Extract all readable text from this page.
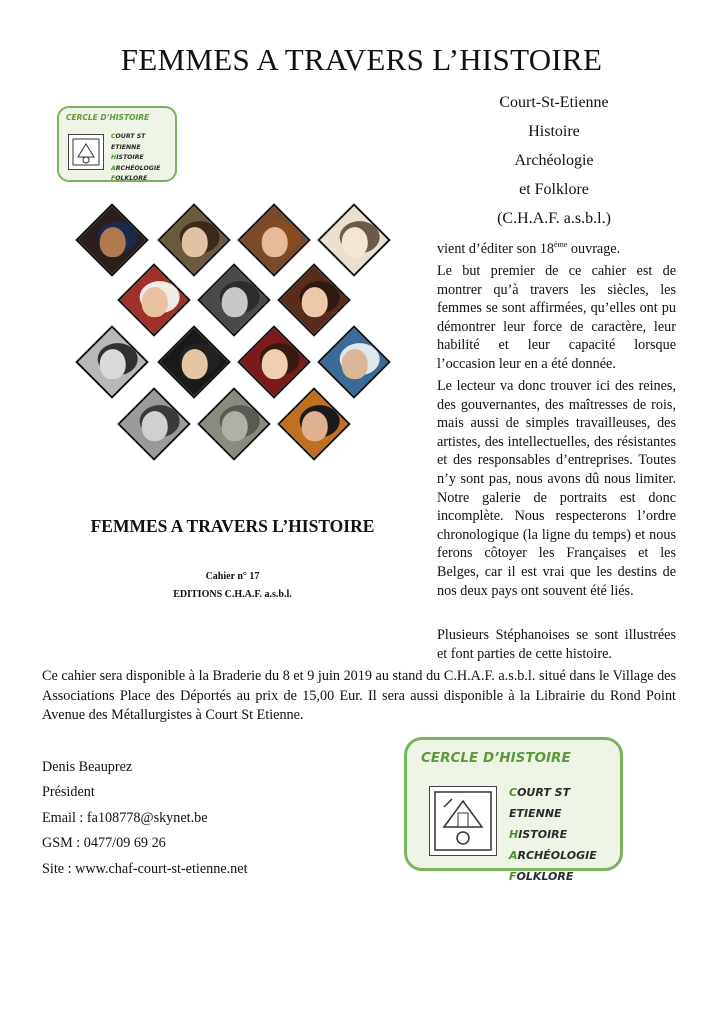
FEMMES A TRAVERS L’HISTOIRE
CERCLE D’HISTOIRE
COURT ST ETIENNE
HISTOIRE
ARCHÉOLOGIE
FOLKLORE
Court-St-Etienne
Histoire
Archéologie
et Folklore
(C.H.A.F. a.s.b.l.)
FEMMES A TRAVERS L’HISTOIRE
Cahier n° 17
EDITIONS C.H.A.F. a.s.b.l.
vient d’éditer son 18ème ouvrage.
Le but premier de ce cahier est de montrer qu’à travers les siècles, les femmes se sont affirmées, qu’elles ont pu démontrer leur force de caractère, leur habilité et leur capacité lorsque l’occasion leur en a été donnée.
Le lecteur va donc trouver ici des reines, des gouvernantes, des maîtresses de rois, mais aussi de simples travailleuses, des artistes, des intellectuelles, des résistantes et des responsables d’entreprises. Toutes n’y sont pas, nous avons dû nous limiter. Notre galerie de portraits est donc incomplète. Nous respecterons l’ordre chronologique (la ligne du temps) et nous ferons côtoyer les Françaises et les Belges, car il est vrai que les destins de nos deux pays ont souvent été liés.
Plusieurs Stéphanoises se sont illustrées et font parties de cette histoire.
Ce cahier sera disponible à la Braderie du 8 et 9 juin 2019 au stand du C.H.A.F. a.s.b.l. situé dans le Village des Associations Place des Déportés au prix de 15,00 Eur. Il sera aussi disponible à la Librairie du Rond Point Avenue des Métallurgistes à Court St Etienne.
Denis Beauprez
Président
Email : fa108778@skynet.be
GSM : 0477/09 69 26
Site : www.chaf-court-st-etienne.net
CERCLE D’HISTOIRE
COURT ST ETIENNE
HISTOIRE
ARCHÉOLOGIE
FOLKLORE
